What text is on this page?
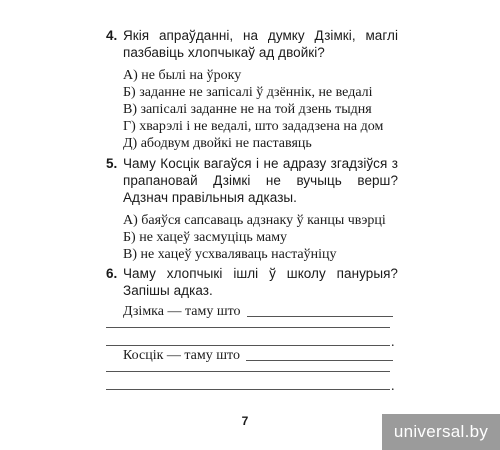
4. Якія апраўданні, на думку Дзімкі, маглі пазбавіць хлопчыкаў ад двойкі?
А) не былі на ўроку
Б) заданне не запісалі ў дзённік, не ведалі
В) запісалі заданне не на той дзень тыдня
Г) хварэлі і не ведалі, што зададзена на дом
Д) абодвум двойкі не паставяць
5. Чаму Косцік вагаўся і не адразу згадзіўся з прапановай Дзімкі не вучыць верш? Адзнач правільныя адказы.
А) баяўся сапсаваць адзнаку ў канцы чвэрці
Б) не хацеў засмуціць маму
В) не хацеў усхваляваць настаўніцу
6. Чаму хлопчыкі ішлі ў школу панурыя? Запішы адказ.
Дзімка — таму што
.
Косцік — таму што
.
7
universal.by
